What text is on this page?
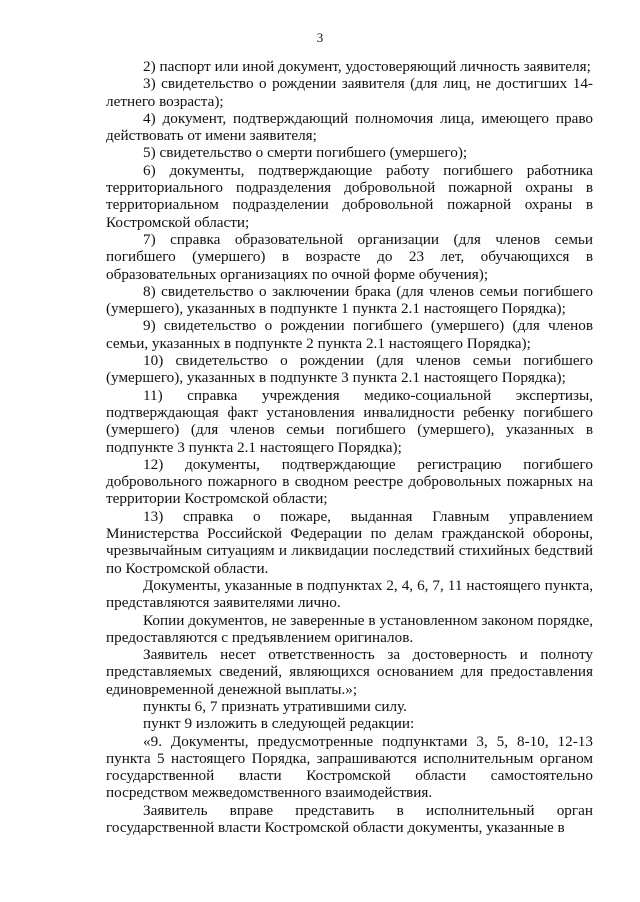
3

2) паспорт или иной документ, удостоверяющий личность заявителя;

3) свидетельство о рождении заявителя (для лиц, не достигших 14-летнего возраста);

4) документ, подтверждающий полномочия лица, имеющего право действовать от имени заявителя;

5) свидетельство о смерти погибшего (умершего);

6) документы, подтверждающие работу погибшего работника территориального подразделения добровольной пожарной охраны в территориальном подразделении добровольной пожарной охраны в Костромской области;

7) справка образовательной организации (для членов семьи погибшего (умершего) в возрасте до 23 лет, обучающихся в образовательных организациях по очной форме обучения);

8) свидетельство о заключении брака (для членов семьи погибшего (умершего), указанных в подпункте 1 пункта 2.1 настоящего Порядка);

9) свидетельство о рождении погибшего (умершего) (для членов семьи, указанных в подпункте 2 пункта 2.1 настоящего Порядка);

10) свидетельство о рождении (для членов семьи погибшего (умершего), указанных в подпункте 3 пункта 2.1 настоящего Порядка);

11) справка учреждения медико-социальной экспертизы, подтверждающая факт установления инвалидности ребенку погибшего (умершего) (для членов семьи погибшего (умершего), указанных в подпункте 3 пункта 2.1 настоящего Порядка);

12) документы, подтверждающие регистрацию погибшего добровольного пожарного в сводном реестре добровольных пожарных на территории Костромской области;

13) справка о пожаре, выданная Главным управлением Министерства Российской Федерации по делам гражданской обороны, чрезвычайным ситуациям и ликвидации последствий стихийных бедствий по Костромской области.

Документы, указанные в подпунктах 2, 4, 6, 7, 11 настоящего пункта, представляются заявителями лично.

Копии документов, не заверенные в установленном законом порядке, предоставляются с предъявлением оригиналов.

Заявитель несет ответственность за достоверность и полноту представляемых сведений, являющихся основанием для предоставления единовременной денежной выплаты.»;

пункты 6, 7 признать утратившими силу.

пункт 9 изложить в следующей редакции:

«9. Документы, предусмотренные подпунктами 3, 5, 8-10, 12-13 пункта 5 настоящего Порядка, запрашиваются исполнительным органом государственной власти Костромской области самостоятельно посредством межведомственного взаимодействия.

Заявитель вправе представить в исполнительный орган государственной власти Костромской области документы, указанные в
